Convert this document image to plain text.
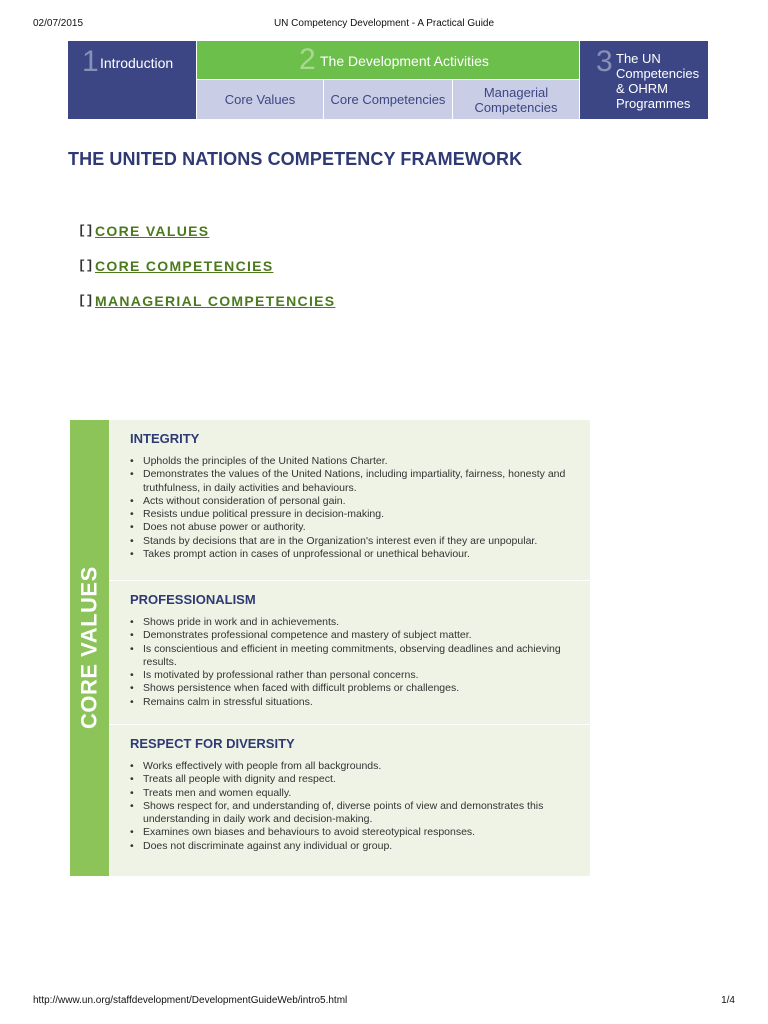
02/07/2015	UN Competency Development - A Practical Guide
1 Introduction	2 The Development Activities
Core Values	Core Competencies	Managerial Competencies
3 The UN Competencies & OHRM Programmes
THE UNITED NATIONS COMPETENCY FRAMEWORK
[] CORE VALUES
[] CORE COMPETENCIES
[] MANAGERIAL COMPETENCIES
CORE VALUES
INTEGRITY
• Upholds the principles of the United Nations Charter.
• Demonstrates the values of the United Nations, including impartiality, fairness, honesty and truthfulness, in daily activities and behaviours.
• Acts without consideration of personal gain.
• Resists undue political pressure in decision-making.
• Does not abuse power or authority.
• Stands by decisions that are in the Organization's interest even if they are unpopular.
• Takes prompt action in cases of unprofessional or unethical behaviour.
PROFESSIONALISM
• Shows pride in work and in achievements.
• Demonstrates professional competence and mastery of subject matter.
• Is conscientious and efficient in meeting commitments, observing deadlines and achieving results.
• Is motivated by professional rather than personal concerns.
• Shows persistence when faced with difficult problems or challenges.
• Remains calm in stressful situations.
RESPECT FOR DIVERSITY
• Works effectively with people from all backgrounds.
• Treats all people with dignity and respect.
• Treats men and women equally.
• Shows respect for, and understanding of, diverse points of view and demonstrates this understanding in daily work and decision-making.
• Examines own biases and behaviours to avoid stereotypical responses.
• Does not discriminate against any individual or group.
http://www.un.org/staffdevelopment/DevelopmentGuideWeb/intro5.html	1/4
